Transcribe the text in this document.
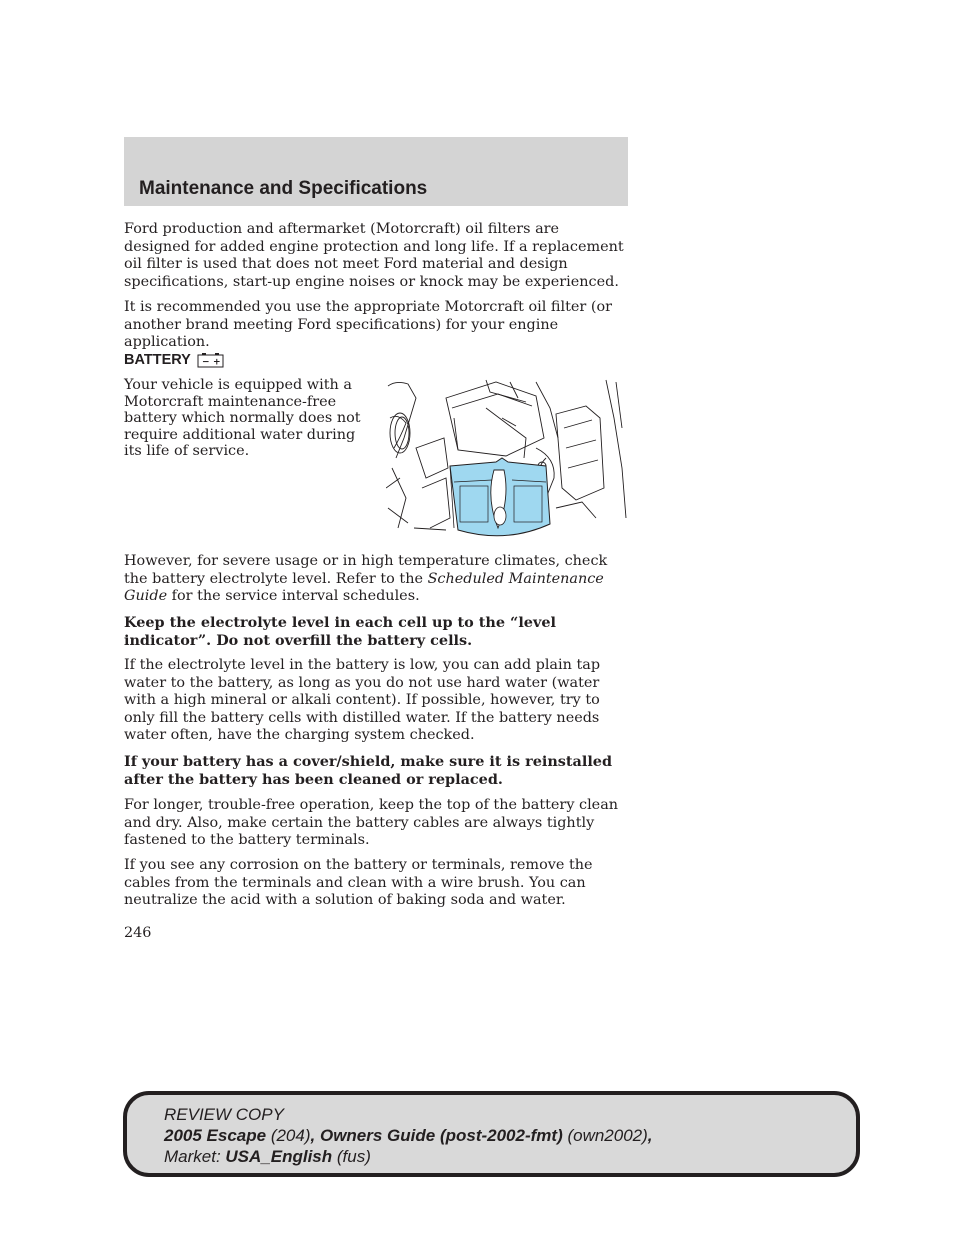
Maintenance and Specifications

Ford production and aftermarket (Motorcraft) oil filters are designed for added engine protection and long life. If a replacement oil filter is used that does not meet Ford material and design specifications, start-up engine noises or knock may be experienced.

It is recommended you use the appropriate Motorcraft oil filter (or another brand meeting Ford specifications) for your engine application.

BATTERY − +

Your vehicle is equipped with a Motorcraft maintenance-free battery which normally does not require additional water during its life of service.

However, for severe usage or in high temperature climates, check the battery electrolyte level. Refer to the Scheduled Maintenance Guide for the service interval schedules.

Keep the electrolyte level in each cell up to the “level indicator”. Do not overfill the battery cells.

If the electrolyte level in the battery is low, you can add plain tap water to the battery, as long as you do not use hard water (water with a high mineral or alkali content). If possible, however, try to only fill the battery cells with distilled water. If the battery needs water often, have the charging system checked.

If your battery has a cover/shield, make sure it is reinstalled after the battery has been cleaned or replaced.

For longer, trouble-free operation, keep the top of the battery clean and dry. Also, make certain the battery cables are always tightly fastened to the battery terminals.

If you see any corrosion on the battery or terminals, remove the cables from the terminals and clean with a wire brush. You can neutralize the acid with a solution of baking soda and water.

246
REVIEW COPY
2005 Escape (204), Owners Guide (post-2002-fmt) (own2002),
Market: USA_English (fus)
